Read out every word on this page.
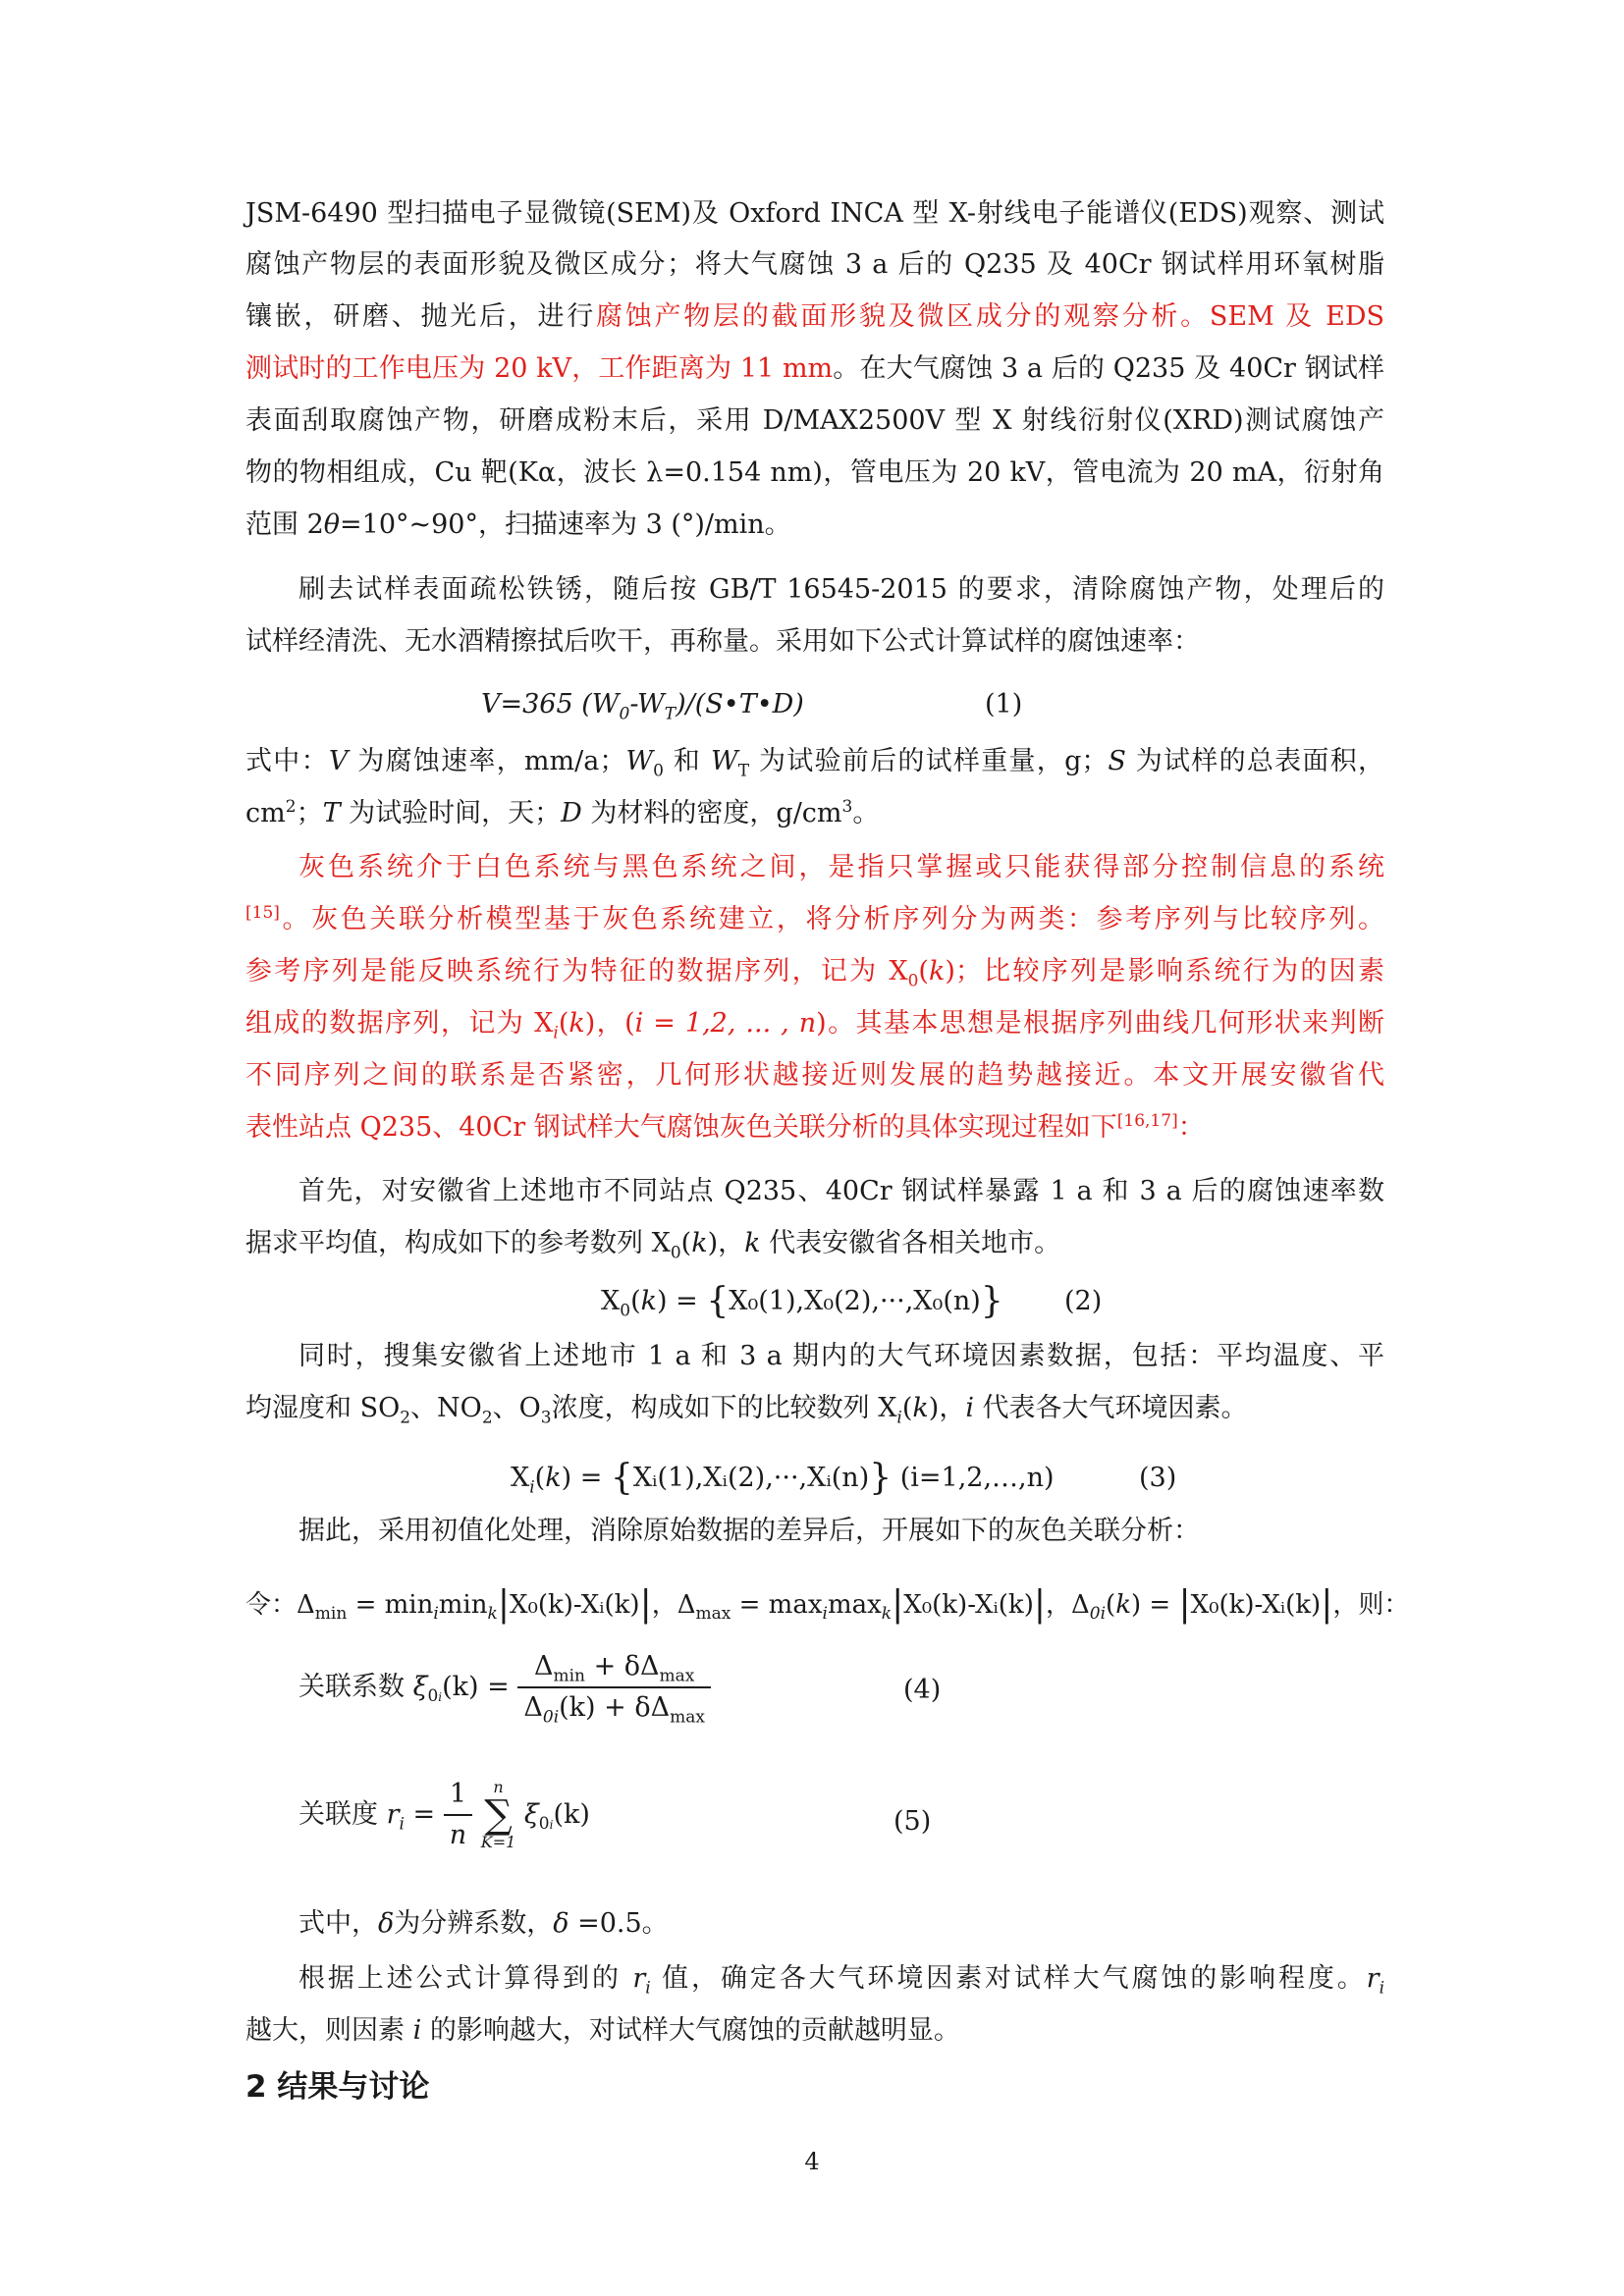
JSM-6490 型扫描电子显微镜(SEM)及 Oxford INCA 型 X-射线电子能谱仪(EDS)观察、测试
腐蚀产物层的表面形貌及微区成分；将大气腐蚀 3 a 后的 Q235 及 40Cr 钢试样用环氧树脂
镶嵌，研磨、抛光后，进行腐蚀产物层的截面形貌及微区成分的观察分析。SEM 及 EDS
测试时的工作电压为 20 kV，工作距离为 11 mm。在大气腐蚀 3 a 后的 Q235 及 40Cr 钢试样
表面刮取腐蚀产物，研磨成粉末后，采用 D/MAX2500V 型 X 射线衍射仪(XRD)测试腐蚀产
物的物相组成，Cu 靶(Kα，波长 λ=0.154 nm)，管电压为 20 kV，管电流为 20 mA，衍射角
范围 2θ=10°~90°，扫描速率为 3 (°)/min。
刷去试样表面疏松铁锈，随后按 GB/T 16545-2015 的要求，清除腐蚀产物，处理后的
试样经清洗、无水酒精擦拭后吹干，再称量。采用如下公式计算试样的腐蚀速率：
V=365 $(W_0-W_T)/(S•T•D)$	(1)
式中：V 为腐蚀速率，mm/a；$W_0$ 和 $W_T$ 为试验前后的试样重量，g；S 为试样的总表面积，
$cm^2$；T 为试验时间，天；D 为材料的密度，$g/cm^3$。
灰色系统介于白色系统与黑色系统之间，是指只掌握或只能获得部分控制信息的系统
[15]。灰色关联分析模型基于灰色系统建立，将分析序列分为两类：参考序列与比较序列。
参考序列是能反映系统行为特征的数据序列，记为 $X_0(k)$；比较序列是影响系统行为的因素
组成的数据序列，记为 $X_i(k)$，(i = 1,2, ... , n)。其基本思想是根据序列曲线几何形状来判断
不同序列之间的联系是否紧密，几何形状越接近则发展的趋势越接近。本文开展安徽省代
表性站点 Q235、40Cr 钢试样大气腐蚀灰色关联分析的具体实现过程如下[16,17]：
首先，对安徽省上述地市不同站点 Q235、40Cr 钢试样暴露 1 a 和 3 a 后的腐蚀速率数
据求平均值，构成如下的参考数列 $X_0(k)$，k 代表安徽省各相关地市。
$X_0(k) = \{X_0(1),X_0(2),\cdot\cdot\cdot,X_0(n)\}$ (2)
同时，搜集安徽省上述地市 1 a 和 3 a 期内的大气环境因素数据，包括：平均温度、平
均湿度和 $SO_2$、$NO_2$、$O_3$浓度，构成如下的比较数列 $X_i(k)$，i 代表各大气环境因素。
$X_i(k)$ = {Xᵢ(1),Xᵢ(2),···,Xᵢ(n)} (i=1,2,…,n)	(3)
据此，采用初值化处理，消除原始数据的差异后，开展如下的灰色关联分析：
令：$\Delta_{min}$ = $\min_i\min_k|X_0(k)-Xᵢ(k)|$，$\Delta_{max}$ = $\max_i\max_k|X_0(k)-Xᵢ(k)|$，$\Delta_{0i}(k)$ = |X₀(k)-Xᵢ(k)|，则：
关联系数 $\xi_{0i}(k) = \frac{\Delta_{min} + \delta\Delta_{max}}{\Delta_{0i}(k) + \delta\Delta_{max}}$	(4)
关联度 $r_i = \frac{1}{n}$
	n
∑
K=1
$\xi_{0i}(k)$	(5)
式中，δ为分辨系数，δ =0.5。
根据上述公式计算得到的 $r_i$ 值，确定各大气环境因素对试样大气腐蚀的影响程度。$r_i$
越大，则因素 i 的影响越大，对试样大气腐蚀的贡献越明显。
2 结果与讨论
4
